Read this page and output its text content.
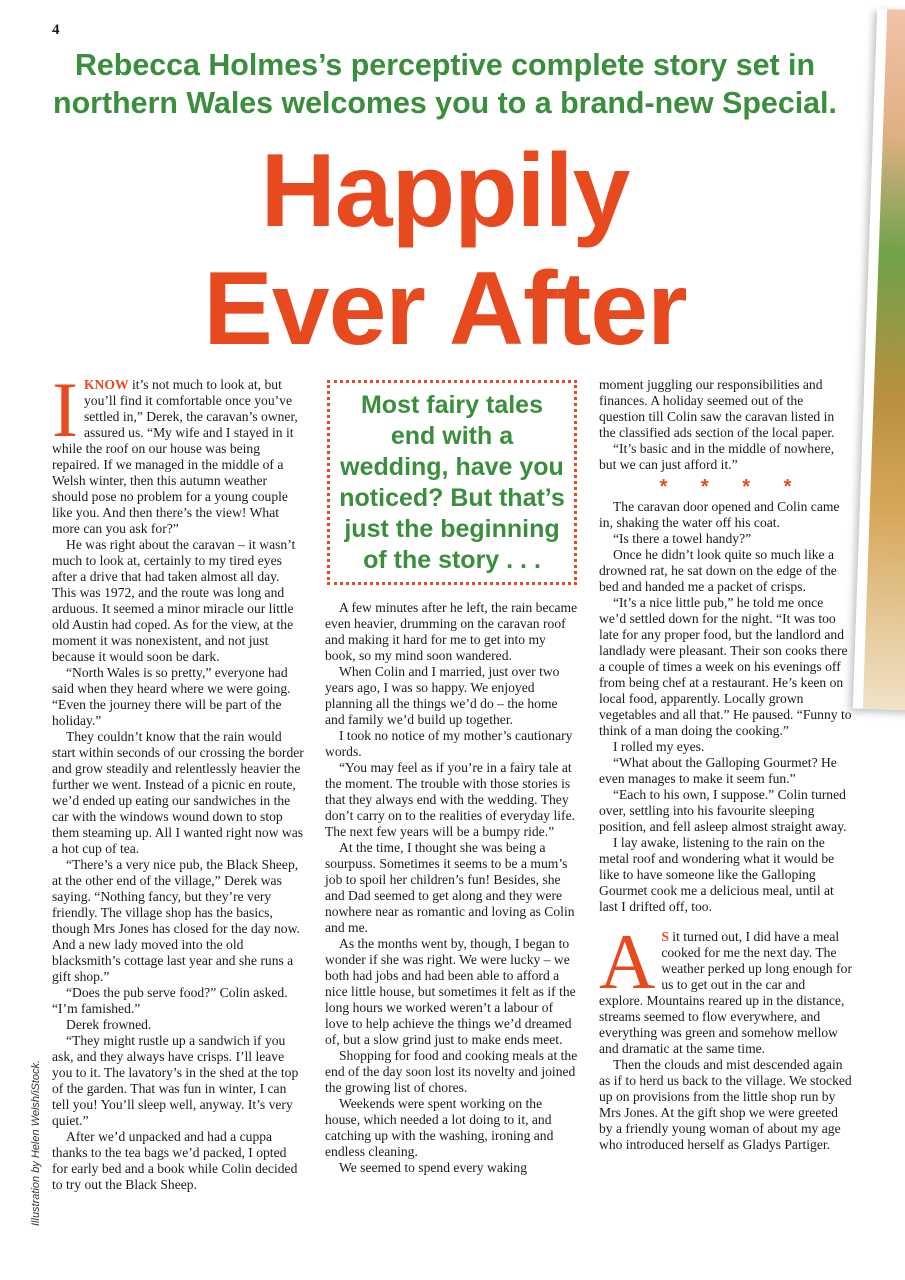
4
Rebecca Holmes’s perceptive complete story set in northern Wales welcomes you to a brand-new Special.
Happily
Ever After

IKNOW it’s not much to look at, but you’ll find it comfortable once you’ve settled in,” Derek, the caravan’s owner, assured us. “My wife and I stayed in it while the roof on our house was being repaired. If we managed in the middle of a Welsh winter, then this autumn weather should pose no problem for a young couple like you. And then there’s the view! What more can you ask for?”

He was right about the caravan – it wasn’t much to look at, certainly to my tired eyes after a drive that had taken almost all day. This was 1972, and the route was long and arduous. It seemed a minor miracle our little old Austin had coped. As for the view, at the moment it was nonexistent, and not just because it would soon be dark.

“North Wales is so pretty,” everyone had said when they heard where we were going. “Even the journey there will be part of the holiday.”

They couldn’t know that the rain would start within seconds of our crossing the border and grow steadily and relentlessly heavier the further we went. Instead of a picnic en route, we’d ended up eating our sandwiches in the car with the windows wound down to stop them steaming up. All I wanted right now was a hot cup of tea.

“There’s a very nice pub, the Black Sheep, at the other end of the village,” Derek was saying. “Nothing fancy, but they’re very friendly. The village shop has the basics, though Mrs Jones has closed for the day now. And a new lady moved into the old blacksmith’s cottage last year and she runs a gift shop.”

“Does the pub serve food?” Colin asked. “I’m famished.”

Derek frowned.

“They might rustle up a sandwich if you ask, and they always have crisps. I’ll leave you to it. The lavatory’s in the shed at the top of the garden. That was fun in winter, I can tell you! You’ll sleep well, anyway. It’s very quiet.”

After we’d unpacked and had a cuppa thanks to the tea bags we’d packed, I opted for early bed and a book while Colin decided to try out the Black Sheep.

Most fairy tales end with a wedding, have you noticed? But that’s just the beginning of the story . . .

A few minutes after he left, the rain became even heavier, drumming on the caravan roof and making it hard for me to get into my book, so my mind soon wandered.

When Colin and I married, just over two years ago, I was so happy. We enjoyed planning all the things we’d do – the home and family we’d build up together.

I took no notice of my mother’s cautionary words.

“You may feel as if you’re in a fairy tale at the moment. The trouble with those stories is that they always end with the wedding. They don’t carry on to the realities of everyday life. The next few years will be a bumpy ride.”

At the time, I thought she was being a sourpuss. Sometimes it seems to be a mum’s job to spoil her children’s fun! Besides, she and Dad seemed to get along and they were nowhere near as romantic and loving as Colin and me.

As the months went by, though, I began to wonder if she was right. We were lucky – we both had jobs and had been able to afford a nice little house, but sometimes it felt as if the long hours we worked weren’t a labour of love to help achieve the things we’d dreamed of, but a slow grind just to make ends meet.

Shopping for food and cooking meals at the end of the day soon lost its novelty and joined the growing list of chores.

Weekends were spent working on the house, which needed a lot doing to it, and catching up with the washing, ironing and endless cleaning.

We seemed to spend every waking

moment juggling our responsibilities and finances. A holiday seemed out of the question till Colin saw the caravan listed in the classified ads section of the local paper.

“It’s basic and in the middle of nowhere, but we can just afford it.”

* * * *

The caravan door opened and Colin came in, shaking the water off his coat.

“Is there a towel handy?”

Once he didn’t look quite so much like a drowned rat, he sat down on the edge of the bed and handed me a packet of crisps.

“It’s a nice little pub,” he told me once we’d settled down for the night. “It was too late for any proper food, but the landlord and landlady were pleasant. Their son cooks there a couple of times a week on his evenings off from being chef at a restaurant. He’s keen on local food, apparently. Locally grown vegetables and all that.” He paused. “Funny to think of a man doing the cooking.”

I rolled my eyes.

“What about the Galloping Gourmet? He even manages to make it seem fun.”

“Each to his own, I suppose.” Colin turned over, settling into his favourite sleeping position, and fell asleep almost straight away.

I lay awake, listening to the rain on the metal roof and wondering what it would be like to have someone like the Galloping Gourmet cook me a delicious meal, until at last I drifted off, too.

A S it turned out, I did have a meal cooked for me the next day. The weather perked up long enough for us to get out in the car and explore. Mountains reared up in the distance, streams seemed to flow everywhere, and everything was green and somehow mellow and dramatic at the same time.

Then the clouds and mist descended again as if to herd us back to the village. We stocked up on provisions from the little shop run by Mrs Jones. At the gift shop we were greeted by a friendly young woman of about my age who introduced herself as Gladys Partiger.

Illustration by Helen Welsh/iStock.
